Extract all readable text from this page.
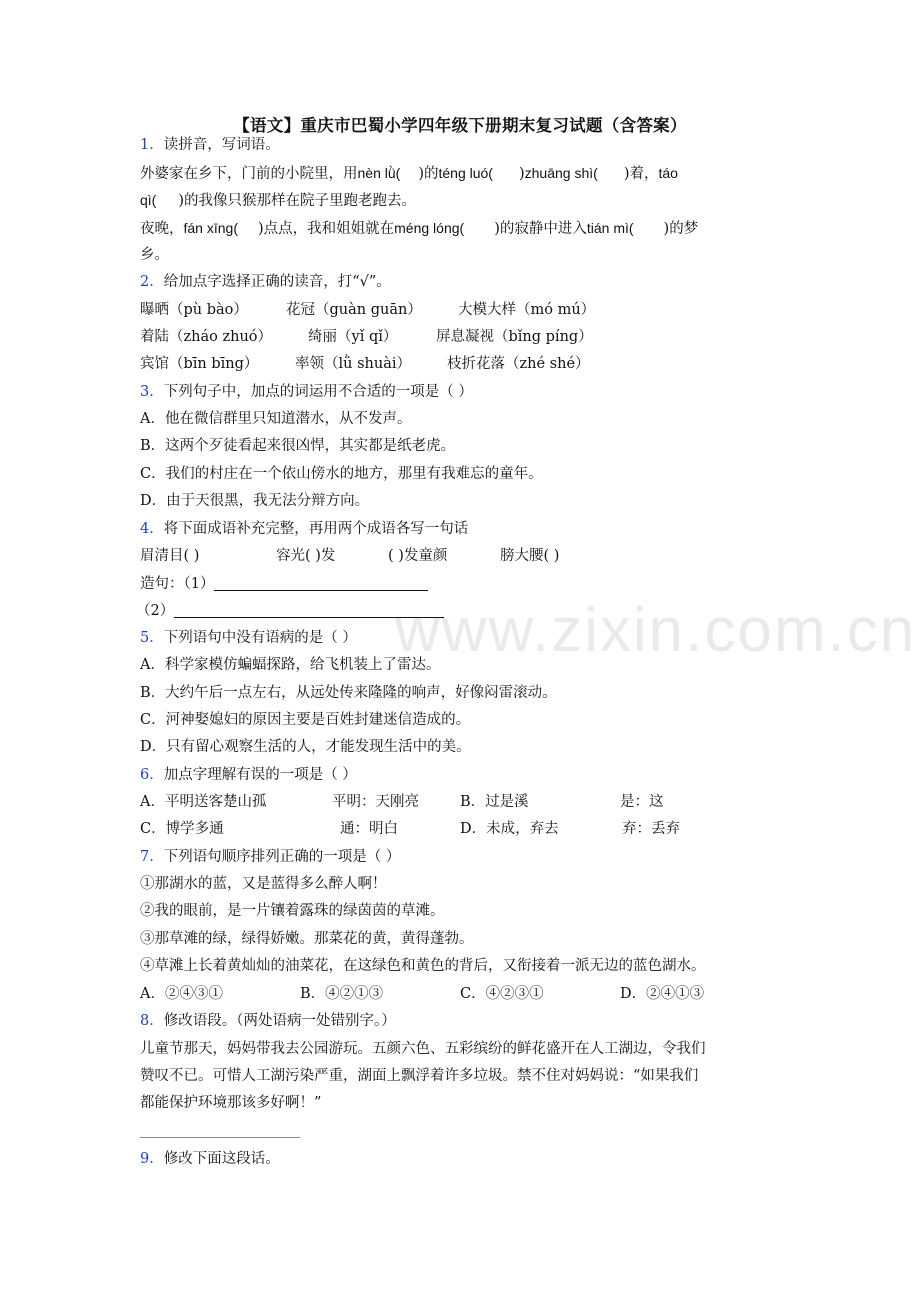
www.zixin.com.cn
【语文】重庆市巴蜀小学四年级下册期末复习试题（含答案）
1．读拼音，写词语。
外婆家在乡下，门前的小院里，用nèn lǜ( )的téng luó( )zhuāng shì( )着，táo
qì( )的我像只猴那样在院子里跑老跑去。
夜晚，fán xīng( )点点，我和姐姐就在méng lóng( )的寂静中进入tián mì( )的梦
乡。
2．给加点字选择正确的读音，打“√”。
曝晒（pù bào）	花冠（guàn guān） 大模大样（mó mú）
着陆（zháo zhuó） 绮丽（yǐ qǐ）	屏息凝视（bǐng píng）
宾馆（bīn bīng）	率领（lǜ shuài） 枝折花落（zhé shé）
3．下列句子中，加点的词运用不合适的一项是（ ）
A．他在微信群里只知道潜水，从不发声。
B．这两个歹徒看起来很凶悍，其实都是纸老虎。
C．我们的村庄在一个依山傍水的地方，那里有我难忘的童年。
D．由于天很黑，我无法分辩方向。
4．将下面成语补充完整，再用两个成语各写一句话
眉清目( )	容光( )发	( )发童颜	膀大腰( )
造句：（1）
（2）
5．下列语句中没有语病的是（ ）
A．科学家模仿蝙蝠探路，给飞机装上了雷达。
B．大约午后一点左右，从远处传来隆隆的响声，好像闷雷滚动。
C．河神娶媳妇的原因主要是百姓封建迷信造成的。
D．只有留心观察生活的人，才能发现生活中的美。
6．加点字理解有误的一项是（ ）
A．平明送客楚山孤	平明：天刚亮	B．过是溪	是：这
C．博学多通	通：明白	D．未成，弃去	弃：丢弃
7．下列语句顺序排列正确的一项是（ ）
①那湖水的蓝，又是蓝得多么醉人啊！
②我的眼前，是一片镶着露珠的绿茵茵的草滩。
③那草滩的绿，绿得娇嫩。那菜花的黄，黄得蓬勃。
④草滩上长着黄灿灿的油菜花，在这绿色和黄色的背后，又衔接着一派无边的蓝色湖水。
A．②④③①	B．④②①③	C．④②③①	D．②④①③
8．修改语段。（两处语病一处错别字。）
儿童节那天，妈妈带我去公园游玩。五颜六色、五彩缤纷的鲜花盛开在人工湖边，令我们
赞叹不已。可惜人工湖污染严重，湖面上飘浮着许多垃圾。禁不住对妈妈说：“如果我们
都能保护环境那该多好啊！”
9．修改下面这段话。
